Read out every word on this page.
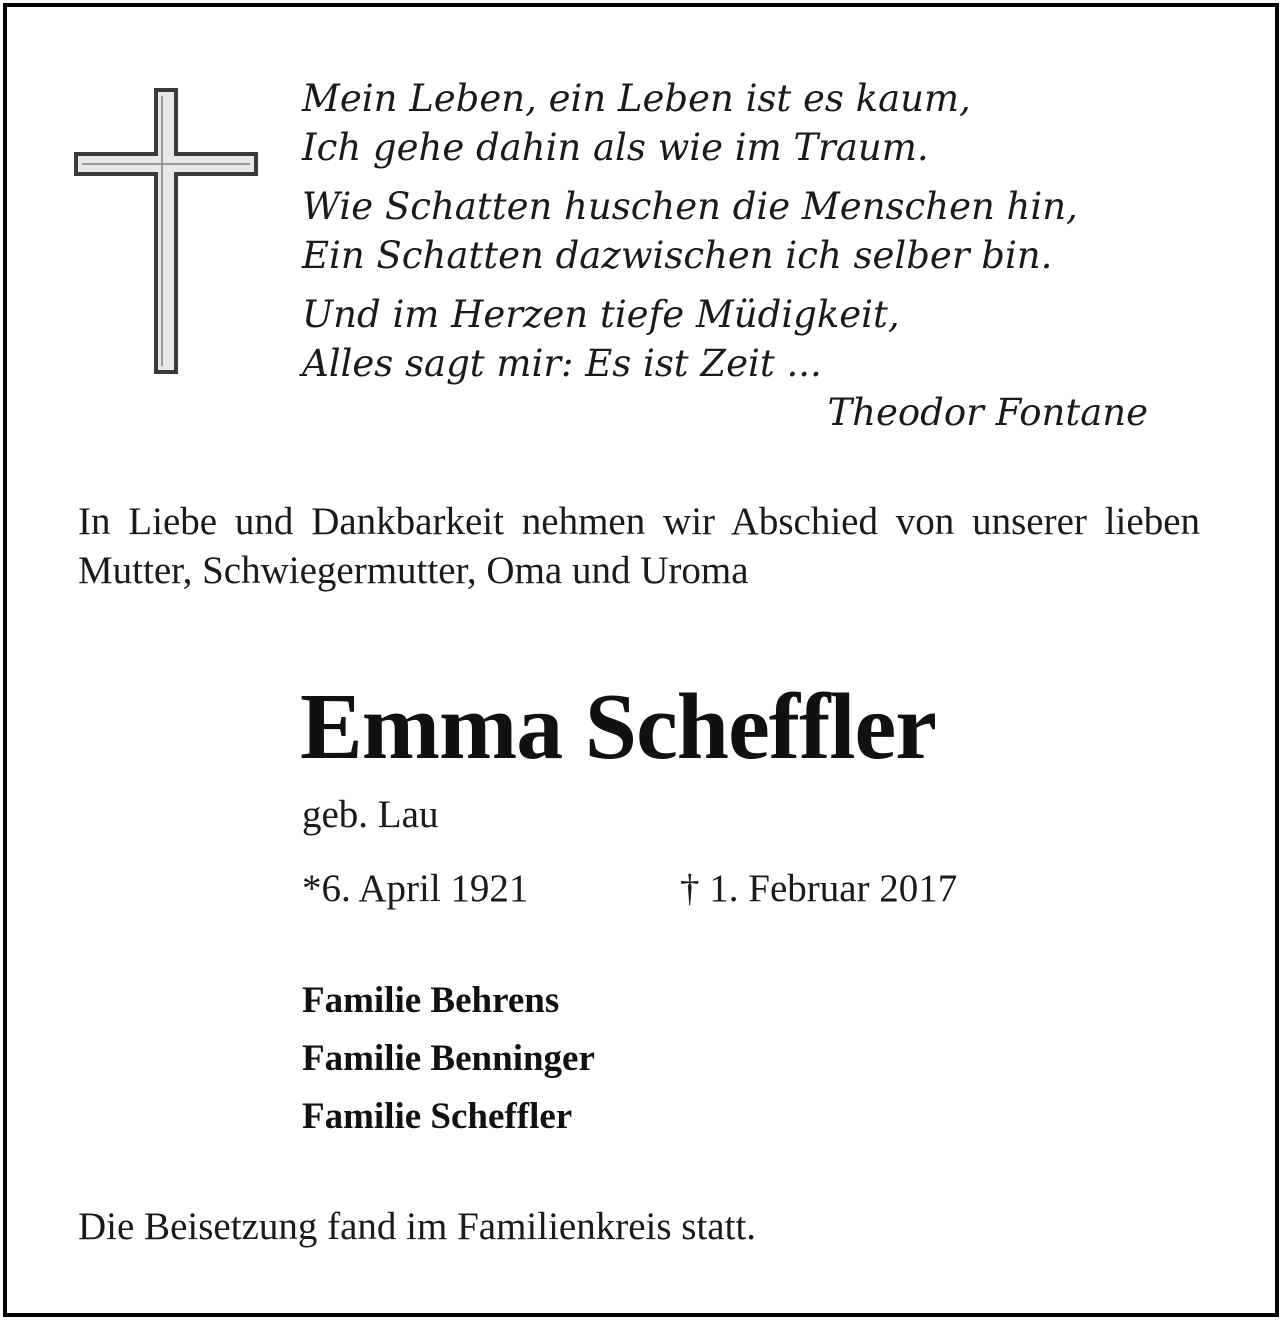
Mein Leben, ein Leben ist es kaum,
Ich gehe dahin als wie im Traum.
Wie Schatten huschen die Menschen hin,
Ein Schatten dazwischen ich selber bin.
Und im Herzen tiefe Müdigkeit,
Alles sagt mir: Es ist Zeit ...
Theodor Fontane

In Liebe und Dankbarkeit nehmen wir Abschied von unserer lieben Mutter, Schwiegermutter, Oma und Uroma

Emma Scheffler
geb. Lau
*6. April 1921	† 1. Februar 2017
Familie Behrens
Familie Benninger
Familie Scheffler
Die Beisetzung fand im Familienkreis statt.
